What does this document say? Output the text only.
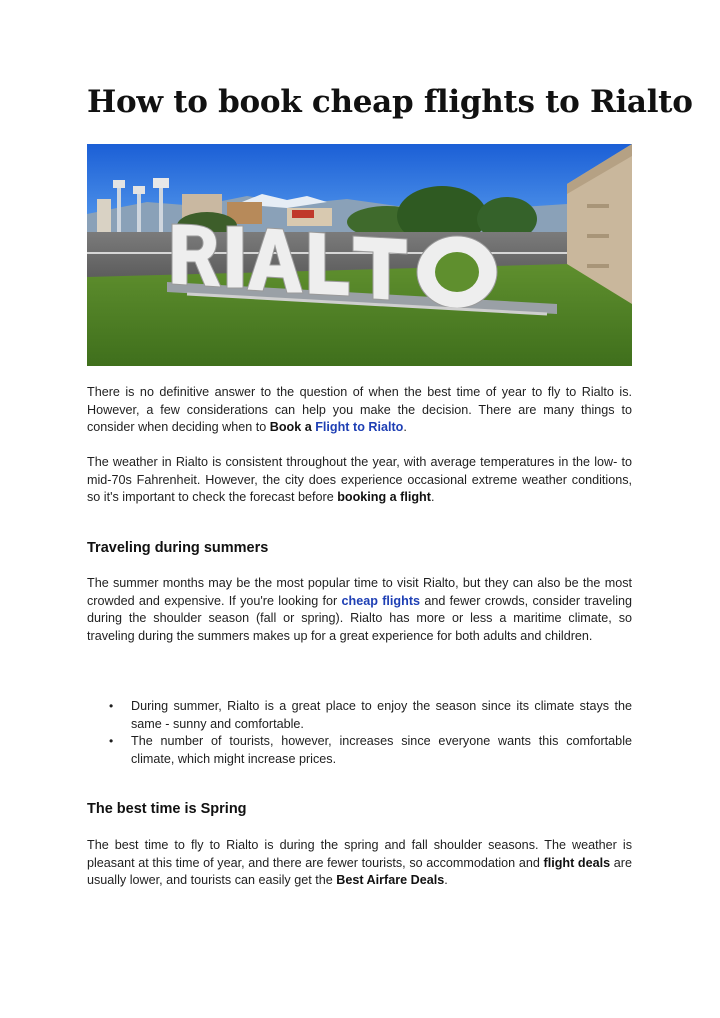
How to book cheap flights to Rialto

There is no definitive answer to the question of when the best time of year to fly to Rialto is. However, a few considerations can help you make the decision. There are many things to consider when deciding when to Book a Flight to Rialto.

The weather in Rialto is consistent throughout the year, with average temperatures in the low- to mid-70s Fahrenheit. However, the city does experience occasional extreme weather conditions, so it's important to check the forecast before booking a flight.

Traveling during summers

The summer months may be the most popular time to visit Rialto, but they can also be the most crowded and expensive. If you're looking for cheap flights and fewer crowds, consider traveling during the shoulder season (fall or spring). Rialto has more or less a maritime climate, so traveling during the summers makes up for a great experience for both adults and children.

• During summer, Rialto is a great place to enjoy the season since its climate stays the same - sunny and comfortable.
• The number of tourists, however, increases since everyone wants this comfortable climate, which might increase prices.
The best time is Spring

The best time to fly to Rialto is during the spring and fall shoulder seasons. The weather is pleasant at this time of year, and there are fewer tourists, so accommodation and flight deals are usually lower, and tourists can easily get the Best Airfare Deals.
